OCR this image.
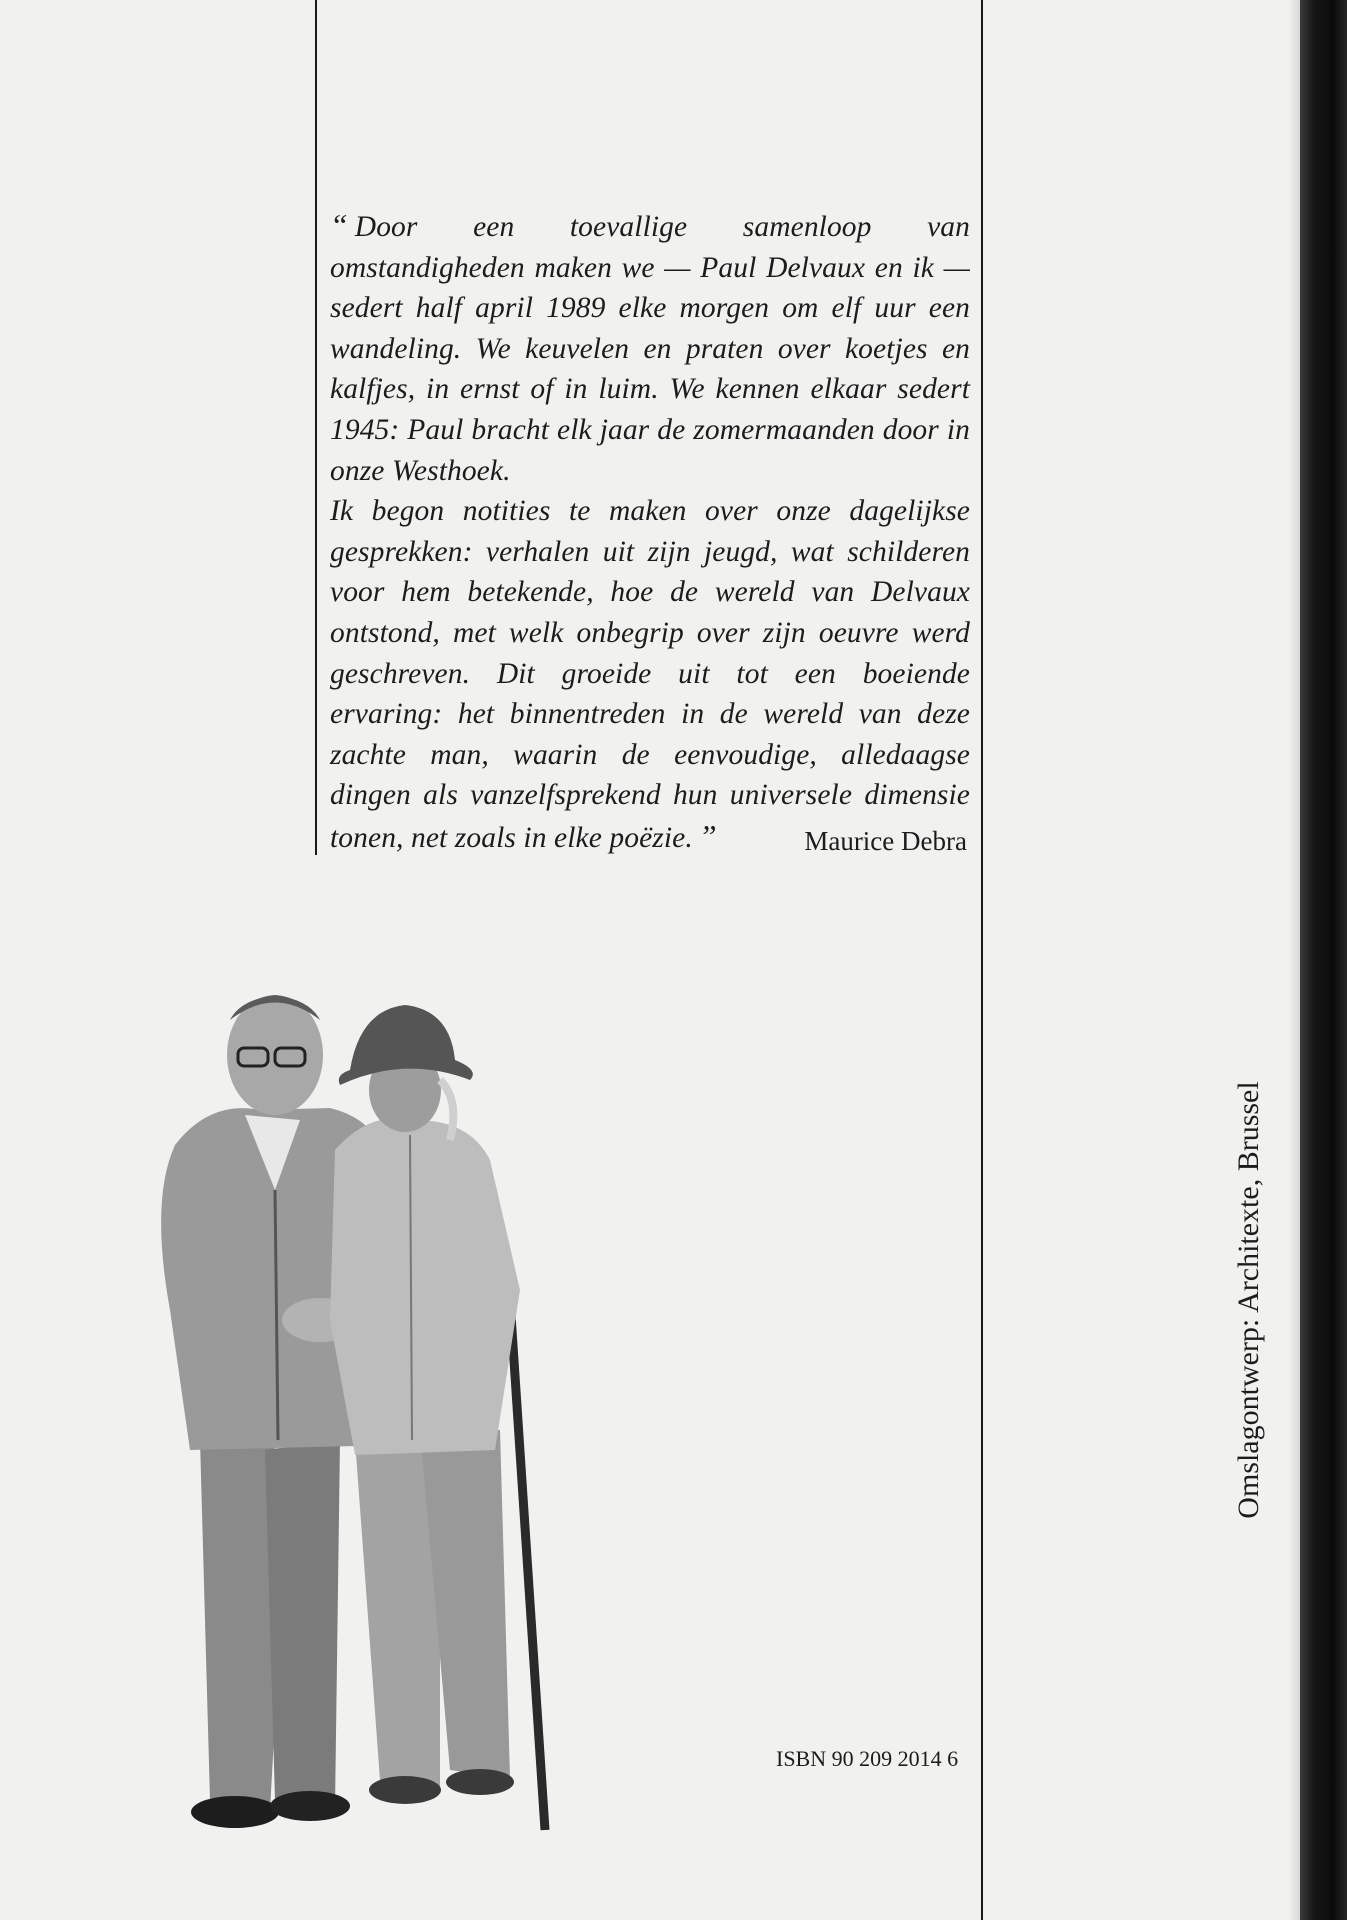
“ Door een toevallige samenloop van omstandigheden maken we — Paul Delvaux en ik — sedert half april 1989 elke morgen om elf uur een wandeling. We keuvelen en praten over koetjes en kalfjes, in ernst of in luim. We kennen elkaar sedert 1945: Paul bracht elk jaar de zomermaanden door in onze Westhoek.

Ik begon notities te maken over onze dagelijkse gesprekken: verhalen uit zijn jeugd, wat schilderen voor hem betekende, hoe de wereld van Delvaux ontstond, met welk onbegrip over zijn oeuvre werd geschreven. Dit groeide uit tot een boeiende ervaring: het binnentreden in de wereld van deze zachte man, waarin de eenvoudige, alledaagse dingen als vanzelfsprekend hun universele dimensie tonen, net zoals in elke poëzie. ”	Maurice Debra
ISBN 90 209 2014 6
Omslagontwerp: Architexte, Brussel
